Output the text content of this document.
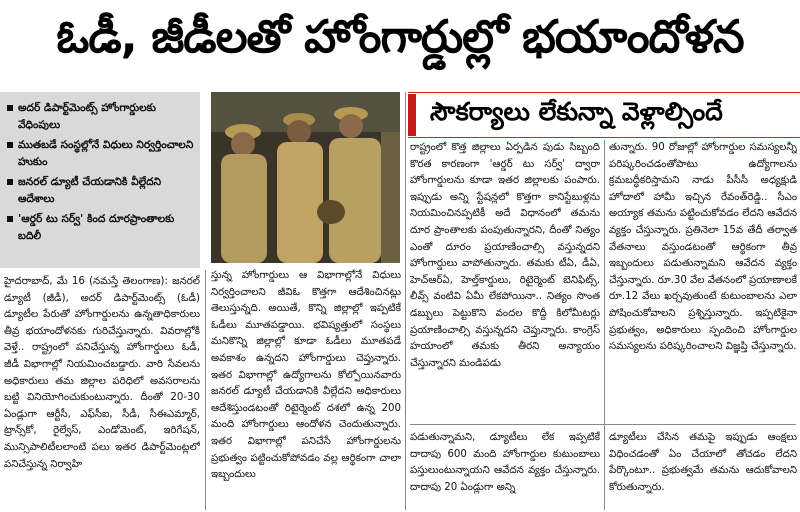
ఓడీ, జీడీలతో హోంగార్డుల్లో భయాందోళన
అదర్ డిపార్ట్‌మెంట్స్ హోంగార్డులకు వేధింపులు
ముతబడే సంస్థల్లోనే విధులు నిర్వర్తించాలని హుకుం
జనరల్ డ్యూటీ చేయడానికి వీల్లేదని ఆదేశాలు
'ఆర్డర్ టు సర్వ్' కింద దూరప్రాంతాలకు బదిలీ
సౌకర్యాలు లేకున్నా వెళ్లాల్సిందే

హైదరాబాద్, మే 16 (నమస్తే తెలంగాణ): జనరల్ డ్యూటీ (జీడీ), అదర్ డిపార్ట్‌మెంట్స్ (ఓడీ) డ్యూటీల పేరుతో హోంగార్డులను ఉన్నతాధికారులు తీవ్ర భయాందోళనకు గురిచేస్తున్నారు. వివరాల్లోకి వెళ్తే.. రాష్ట్రంలో పనిచేస్తున్న హోంగార్డులు ఓడీ, జీడీ విభాగాల్లో నియమించబడ్డారు. వారి సేవలను అధికారులు తమ జిల్లాల పరిధిలో అవసరాలను బట్టి వినియోగించుకుంటున్నారు. దీంతో 20-30 ఏండ్లుగా ఆర్టీసీ, ఎఫ్‌సీఐ, సీడీ, సీఈఎమ్మార్, ట్రాన్స్‌కో, రైల్వేస్, ఎండోమెంట్, ఇరిగేషన్, మున్సిపాలిటీలలాంటి పలు ఇతర డిపార్ట్‌మెంట్లలో పనిచేస్తున్న నిర్వాహి

స్తున్న హోంగార్డులు ఆ విభాగాల్లోనే విధులు నిర్వర్తించాలని జీవిఓ కొత్తగా ఆదేశించినట్లు తెలుస్తున్నది. అయితే, కొన్ని జిల్లాల్లో ఇప్పటికే ఓడీలు మూతపడ్డాయి. భవిష్యత్తులో సంస్థలు మనికొన్ని జిల్లాల్లో కూడా ఓడీలు మూతపడే అవకాశం ఉన్నదని హోంగార్డులు చెప్తున్నారు. ఇతర విభాగాల్లో ఉద్యోగాలను కోల్పోయినవారు జనరల్ డ్యూటీ చేయడానికి వీల్లేదని అధికారులు ఆదేశిస్తుండటంతో రిటైర్మెంట్ దశలో ఉన్న 200 మంది హోంగార్డులు ఆందోళన చెందుతున్నారు. ఇతర విభాగాల్లో పనిచేసే హోంగార్డులను ప్రభుత్వం పట్టించుకోపోవడం వల్ల ఆర్థికంగా చాలా ఇబ్బందులు

రాష్ట్రంలో కొత్త జిల్లాలు ఏర్పడిన పుడు సిబ్బంది కొరత కారణంగా 'ఆర్డర్ టు సర్వ్' ద్వారా హోంగార్డులను కూడా ఇతర జిల్లాలకు పంపారు. ఇప్పుడు అన్ని స్టేషన్లలో కొత్తగా కానిస్టేబుళ్లను నియమించినప్పటికీ అదే విధానంలో తమను దూర ప్రాంతాలకు పంపుతున్నారని, దీంతో నిత్యం ఎంతో దూరం ప్రయాణించాల్సి వస్తున్నదని హోంగార్డులు వాపోతున్నారు. తమకు టీఏ, డీఏ, హెచ్‌ఆర్‌ఏ, హెల్త్‌కార్డులు, రిటైర్మెంట్ బెనిఫిట్స్, లీవ్స్ వంటివి ఏమీ లేకపోయినా.. నిత్యం సొంత డబ్బులు పెట్టుకొని వందల కొద్దీ కిలోమీటర్లు ప్రయాణించాల్సి వస్తున్నదని చెప్తున్నారు. కాంగ్రెస్ హయాంలో తమకు తీరని అన్యాయం చేస్తున్నారని మండిపడు

తున్నారు. 90 రోజుల్లో హోంగార్డుల సమస్యలన్నీ పరిష్కరించడంతోపాటు ఉద్యోగాలను క్రమబద్ధీకరిస్తామని నాడు పీసీసీ అధ్యక్షుడి హోదాలో హామీ ఇచ్చిన రేవంత్‌రెడ్డి.. సీఎం అయ్యాక తమను పట్టించుకోవడం లేదని ఆవేదన వ్యక్తం చేస్తున్నారు. ప్రతినెలా 15వ తేదీ తర్వాత వేతనాలు వస్తుండటంతో ఆర్థికంగా తీవ్ర ఇబ్బందులు పడుతున్నామని ఆవేదన వ్యక్తం చేస్తున్నారు. రూ.30 వేల వేతనంలో ప్రయాణాలకే రూ.12 వేలు ఖర్చవుతుంటే కుటుంబాలను ఎలా పోషించుకోవాలని ప్రశ్నిస్తున్నారు. ఇప్పటికైనా ప్రభుత్వం, అధికారులు స్పందించి హోంగార్డుల సమస్యలను పరిష్కరించాలని విజ్ఞప్తి చేస్తున్నారు.

పడుతున్నామని, డ్యూటీలు లేక ఇప్పటికే దాదాపు 600 మంది హోంగార్డుల కుటుంబాలు పస్తులుంటున్నాయని ఆవేదన వ్యక్తం చేస్తున్నారు. దాదాపు 20 ఏండ్లుగా అన్ని

డ్యూటీలు చేసిన తమపై ఇప్పుడు ఆంక్షలు విధించడంతో ఏం చేయాలో తోచడం లేదని పేర్కొంటూ.. ప్రభుత్వమే తమను ఆదుకోవాలని కోరుతున్నారు.
